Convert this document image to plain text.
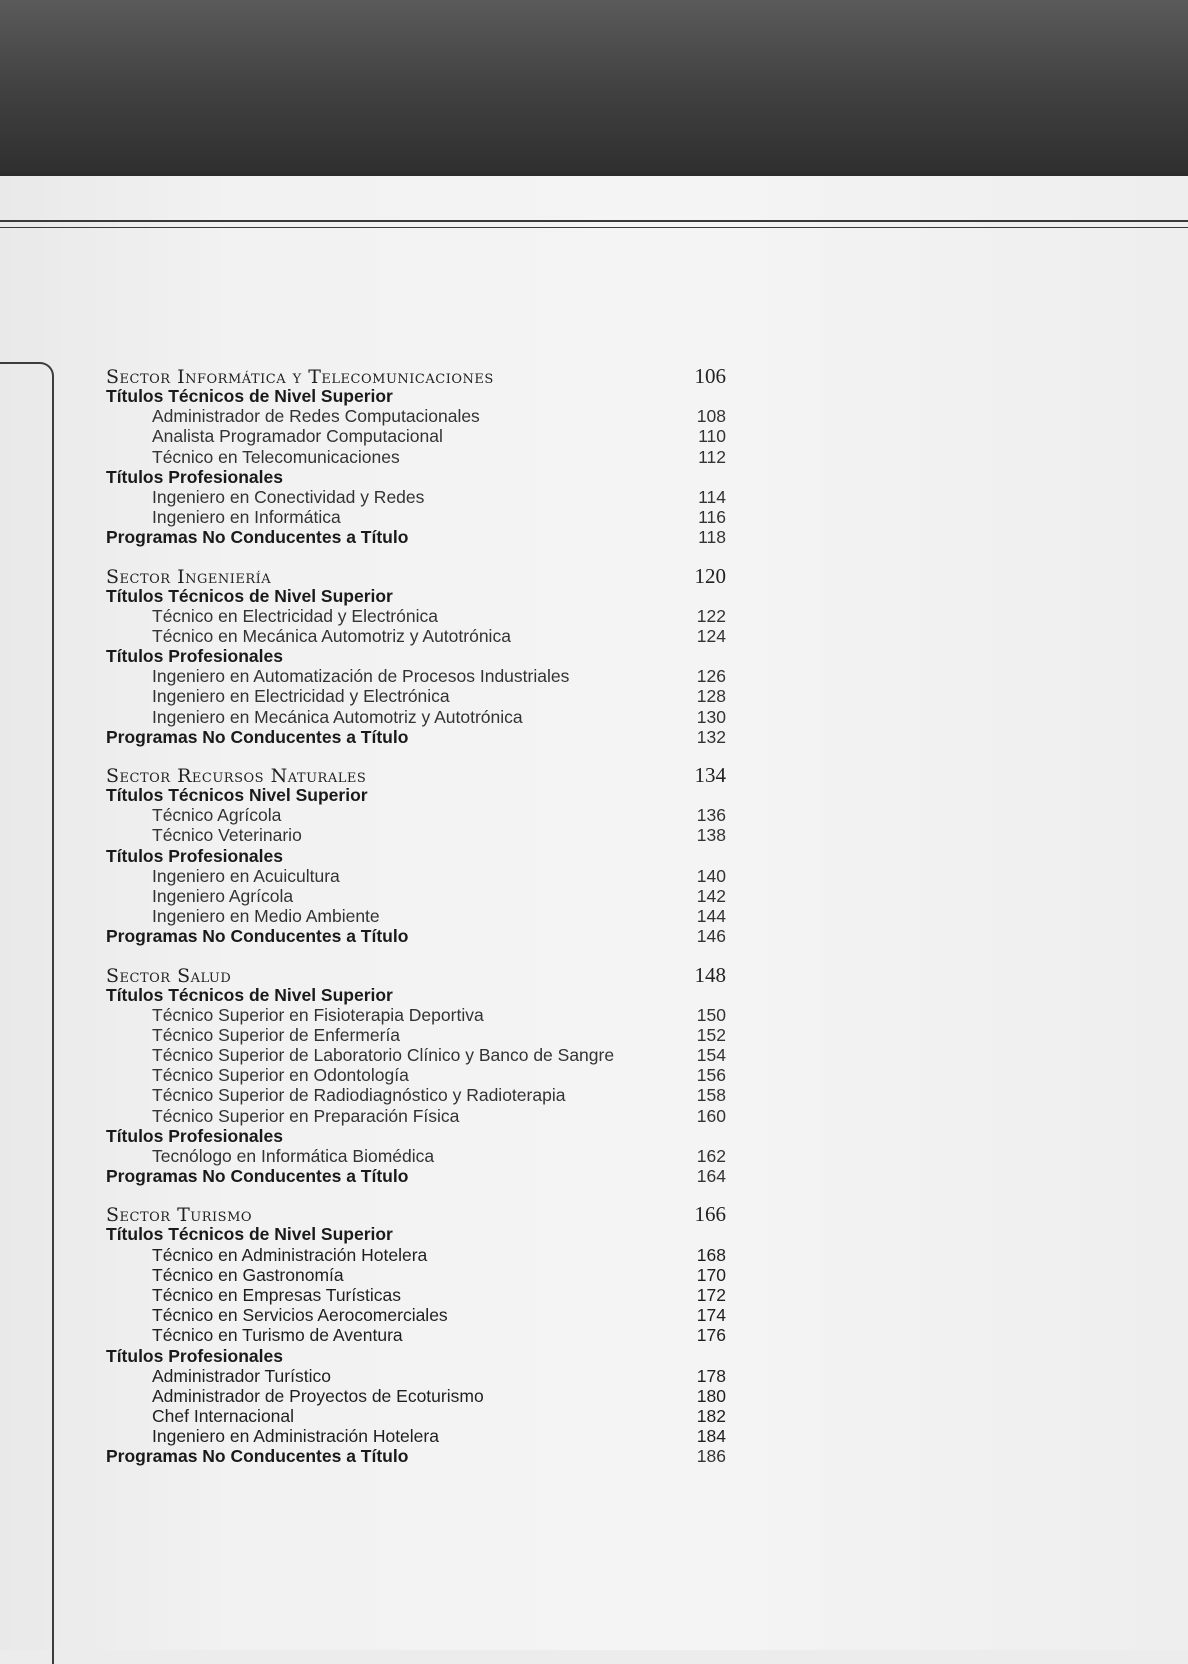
Sector Informática y Telecomunicaciones	106
Títulos Técnicos de Nivel Superior
Administrador de Redes Computacionales	108
Analista Programador Computacional	110
Técnico en Telecomunicaciones	112
Títulos Profesionales
Ingeniero en Conectividad y Redes	114
Ingeniero en Informática	116
Programas No Conducentes a Título	118
Sector Ingeniería	120
Títulos Técnicos de Nivel Superior
Técnico en Electricidad y Electrónica	122
Técnico en Mecánica Automotriz y Autotrónica	124
Títulos Profesionales
Ingeniero en Automatización de Procesos Industriales	126
Ingeniero en Electricidad y Electrónica	128
Ingeniero en Mecánica Automotriz y Autotrónica	130
Programas No Conducentes a Título	132
Sector Recursos Naturales	134
Títulos Técnicos Nivel Superior
Técnico Agrícola	136
Técnico Veterinario	138
Títulos Profesionales
Ingeniero en Acuicultura	140
Ingeniero Agrícola	142
Ingeniero en Medio Ambiente	144
Programas No Conducentes a Título	146
Sector Salud	148
Títulos Técnicos de Nivel Superior
Técnico Superior en Fisioterapia Deportiva	150
Técnico Superior de Enfermería	152
Técnico Superior de Laboratorio Clínico y Banco de Sangre	154
Técnico Superior en Odontología	156
Técnico Superior de Radiodiagnóstico y Radioterapia	158
Técnico Superior en Preparación Física	160
Títulos Profesionales
Tecnólogo en Informática Biomédica	162
Programas No Conducentes a Título	164
Sector Turismo	166
Títulos Técnicos de Nivel Superior
Técnico en Administración Hotelera	168
Técnico en Gastronomía	170
Técnico en Empresas Turísticas	172
Técnico en Servicios Aerocomerciales	174
Técnico en Turismo de Aventura	176
Títulos Profesionales
Administrador Turístico	178
Administrador de Proyectos de Ecoturismo	180
Chef Internacional	182
Ingeniero en Administración Hotelera	184
Programas No Conducentes a Título	186
